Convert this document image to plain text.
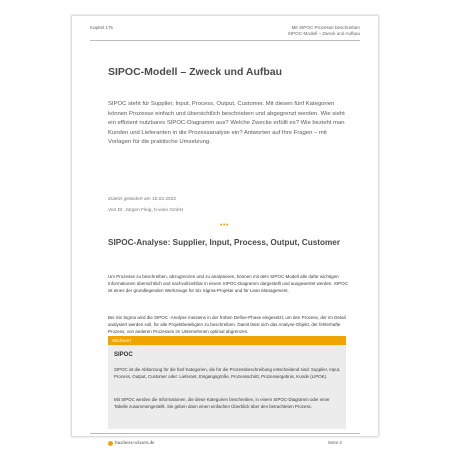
Kapitel 1?5	Mit SIPOC Prozesse beschreiben
SIPOC-Modell – Zweck und Aufbau
SIPOC-Modell – Zweck und Aufbau
SIPOC steht für Supplier, Input, Process, Output, Customer. Mit diesen fünf Kategorien können Prozesse einfach und übersichtlich beschrieben und abgegrenzt werden. Wie sieht ein effizient nutzbares SIPOC-Diagramm aus? Welche Zwecke erfüllt es? Wie bezieht man Kunden und Lieferanten in die Prozessanalyse ein? Antworten auf Ihre Fragen – mit Vorlagen für die praktische Umsetzung.
Zuletzt geändert am 15.02.2022
Von Dr. Jürgen Fleig, b-wise GmbH
•••
SIPOC-Analyse: Supplier, Input, Process, Output, Customer
Um Prozesse zu beschreiben, abzugrenzen und zu analysieren, können mit dem SIPOC-Modell alle dafür wichtigen Informationen übersichtlich und nachvollziehbar in einem SIPOC-Diagramm dargestellt und ausgewertet werden. SIPOC ist eines der grundlegenden Werkzeuge für Six Sigma-Projekte und für Lean Management.
Bei Six Sigma wird die SIPOC -Analyse meistens in der frühen Define-Phase eingesetzt, um den Prozess, der im Detail analysiert werden soll, für alle Projektbeteiligten zu beschreiben. Damit lässt sich das Analyse-Objekt, der fehlerhafte Prozess, von anderen Prozessen im Unternehmen optimal abgrenzen.
Stichwort
SIPOC
SIPOC ist die Abkürzung für die fünf Kategorien, die für die Prozessbeschreibung entscheidend sind: Supplier, Input, Process, Output, Customer oder: Lieferant, Eingangsgröße, Prozessschritt, Prozessergebnis, Kunde (LIPOK).
Mit SIPOC werden die Informationen, die diese Kategorien beschreiben, in einem SIPOC-Diagramm oder einer Tabelle zusammengestellt. Sie geben dann einen einfachen Überblick über den betrachteten Prozess.
business-wissen.de	Seite 2
